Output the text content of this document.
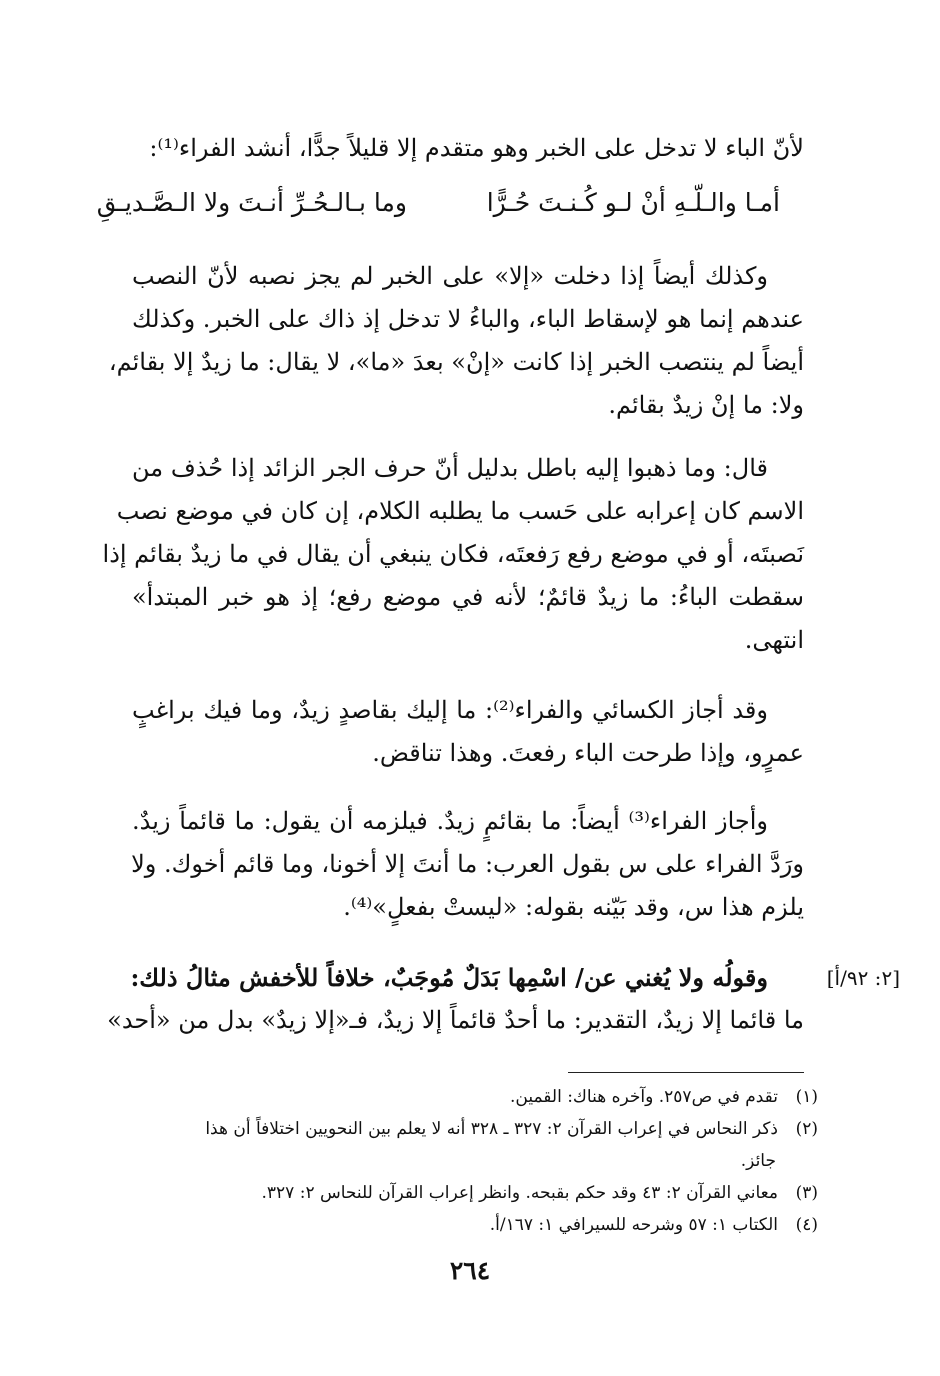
لأنّ الباء لا تدخل على الخبر وهو متقدم إلا قليلاً جدًّا، أنشد الفراء⁽¹⁾:
أمـا والـلّـهِ أنْ لـو كُـنـتَ حُـرًّا
وما بـالـحُـرِّ أنـتَ ولا الـصَّـديـقِ
وكذلك أيضاً إذا دخلت «إلا» على الخبر لم يجز نصبه لأنّ النصب
عندهم إنما هو لإسقاط الباء، والباءُ لا تدخل إذ ذاك على الخبر. وكذلك
أيضاً لم ينتصب الخبر إذا كانت «إنْ» بعدَ «ما»، لا يقال: ما زيدٌ إلا بقائم،
ولا: ما إنْ زيدٌ بقائم.
قال: وما ذهبوا إليه باطل بدليل أنّ حرف الجر الزائد إذا حُذف من
الاسم كان إعرابه على حَسب ما يطلبه الكلام، إن كان في موضع نصب
نَصبتَه، أو في موضع رفع رَفعتَه، فكان ينبغي أن يقال في ما زيدٌ بقائم إذا
سقطت الباءُ: ما زيدٌ قائمٌ؛ لأنه في موضع رفع؛ إذ هو خبر المبتدأ»
انتهى.
وقد أجاز الكسائي والفراء⁽²⁾: ما إليك بقاصدٍ زيدٌ، وما فيك براغبٍ
عمرٍو، وإذا طرحت الباء رفعتَ. وهذا تناقض.
وأجاز الفراء⁽³⁾ أيضاً: ما بقائمٍ زيدٌ. فيلزمه أن يقول: ما قائماً زيدٌ.
ورَدَّ الفراء على س بقول العرب: ما أنتَ إلا أخونا، وما قائم أخوك. ولا
يلزم هذا س، وقد بَيّنه بقوله: «ليستْ بفعلٍ»⁽⁴⁾.
وقولُه ولا يُغني عن/ اسْمِها بَدَلٌ مُوجَبٌ، خلافاً للأخفش مثالُ ذلك:
ما قائما إلا زيدٌ، التقدير: ما أحدٌ قائماً إلا زيدٌ، فـ«إلا زيدٌ» بدل من «أحد»
[٢: ٩٢/أ]
(١)تقدم في ص٢٥٧. وآخره هناك: القمين.
(٢)ذكر النحاس في إعراب القرآن ٢: ٣٢٧ ـ ٣٢٨ أنه لا يعلم بين النحويين اختلافاً أن هذا
جائز.
(٣)معاني القرآن ٢: ٤٣ وقد حكم بقبحه. وانظر إعراب القرآن للنحاس ٢: ٣٢٧.
(٤)الكتاب ١: ٥٧ وشرحه للسيرافي ١: ١٦٧/أ.
٢٦٤
